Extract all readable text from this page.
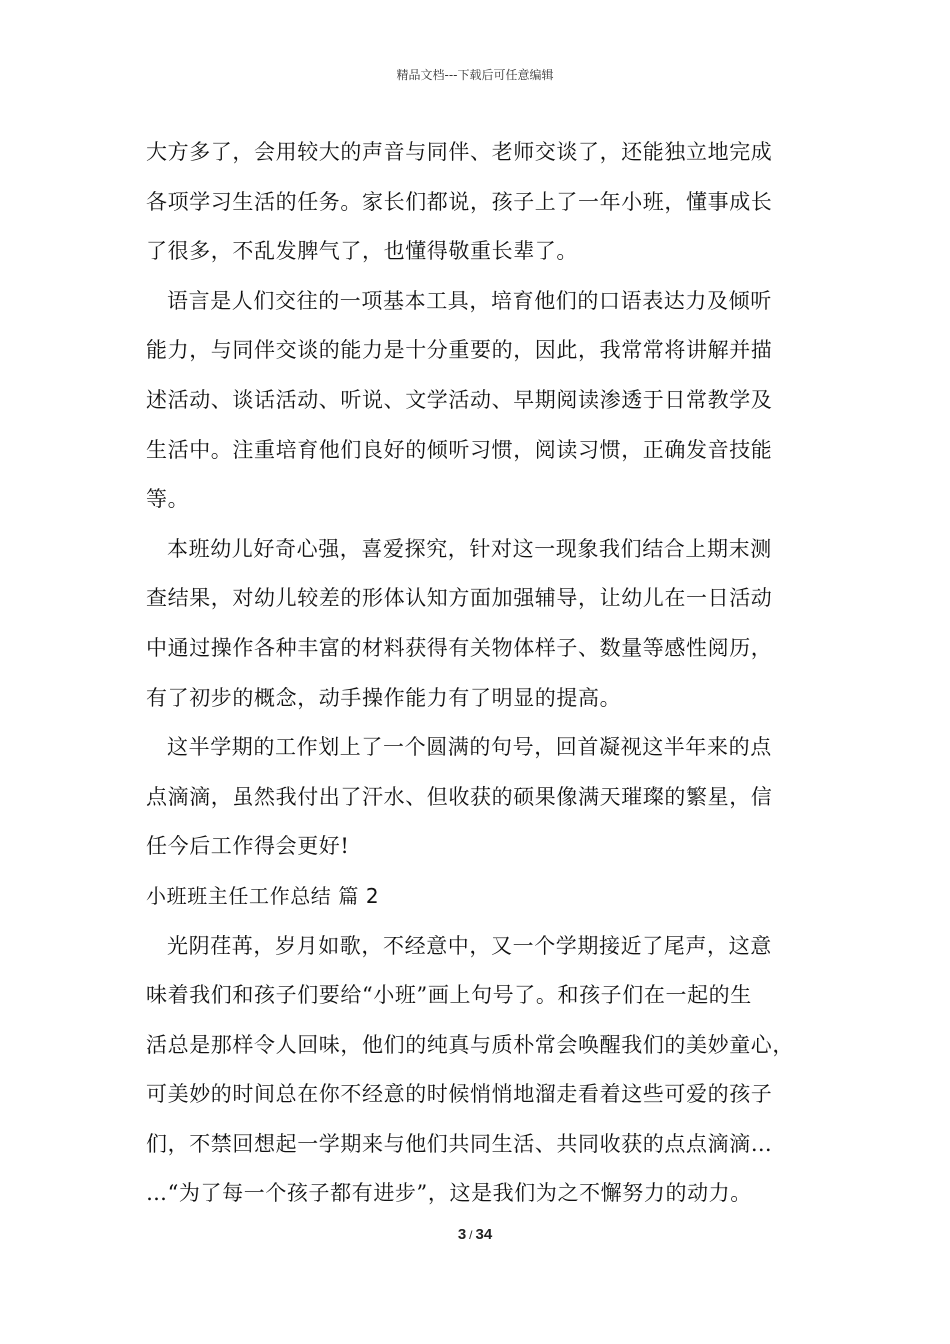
精品文档---下载后可任意编辑
大方多了，会用较大的声音与同伴、老师交谈了，还能独立地完成
各项学习生活的任务。家长们都说，孩子上了一年小班，懂事成长
了很多，不乱发脾气了，也懂得敬重长辈了。
语言是人们交往的一项基本工具，培育他们的口语表达力及倾听
能力，与同伴交谈的能力是十分重要的，因此，我常常将讲解并描
述活动、谈话活动、听说、文学活动、早期阅读渗透于日常教学及
生活中。注重培育他们良好的倾听习惯，阅读习惯，正确发音技能
等。
本班幼儿好奇心强，喜爱探究，针对这一现象我们结合上期末测
查结果，对幼儿较差的形体认知方面加强辅导，让幼儿在一日活动
中通过操作各种丰富的材料获得有关物体样子、数量等感性阅历，
有了初步的概念，动手操作能力有了明显的提高。
这半学期的工作划上了一个圆满的句号，回首凝视这半年来的点
点滴滴，虽然我付出了汗水、但收获的硕果像满天璀璨的繁星，信
任今后工作得会更好!
小班班主任工作总结 篇 2
光阴荏苒，岁月如歌，不经意中，又一个学期接近了尾声，这意
味着我们和孩子们要给“小班”画上句号了。和孩子们在一起的生
活总是那样令人回味，他们的纯真与质朴常会唤醒我们的美妙童心，
可美妙的时间总在你不经意的时候悄悄地溜走看着这些可爱的孩子
们，不禁回想起一学期来与他们共同生活、共同收获的点点滴滴…
…“为了每一个孩子都有进步”，这是我们为之不懈努力的动力。
3 / 34
